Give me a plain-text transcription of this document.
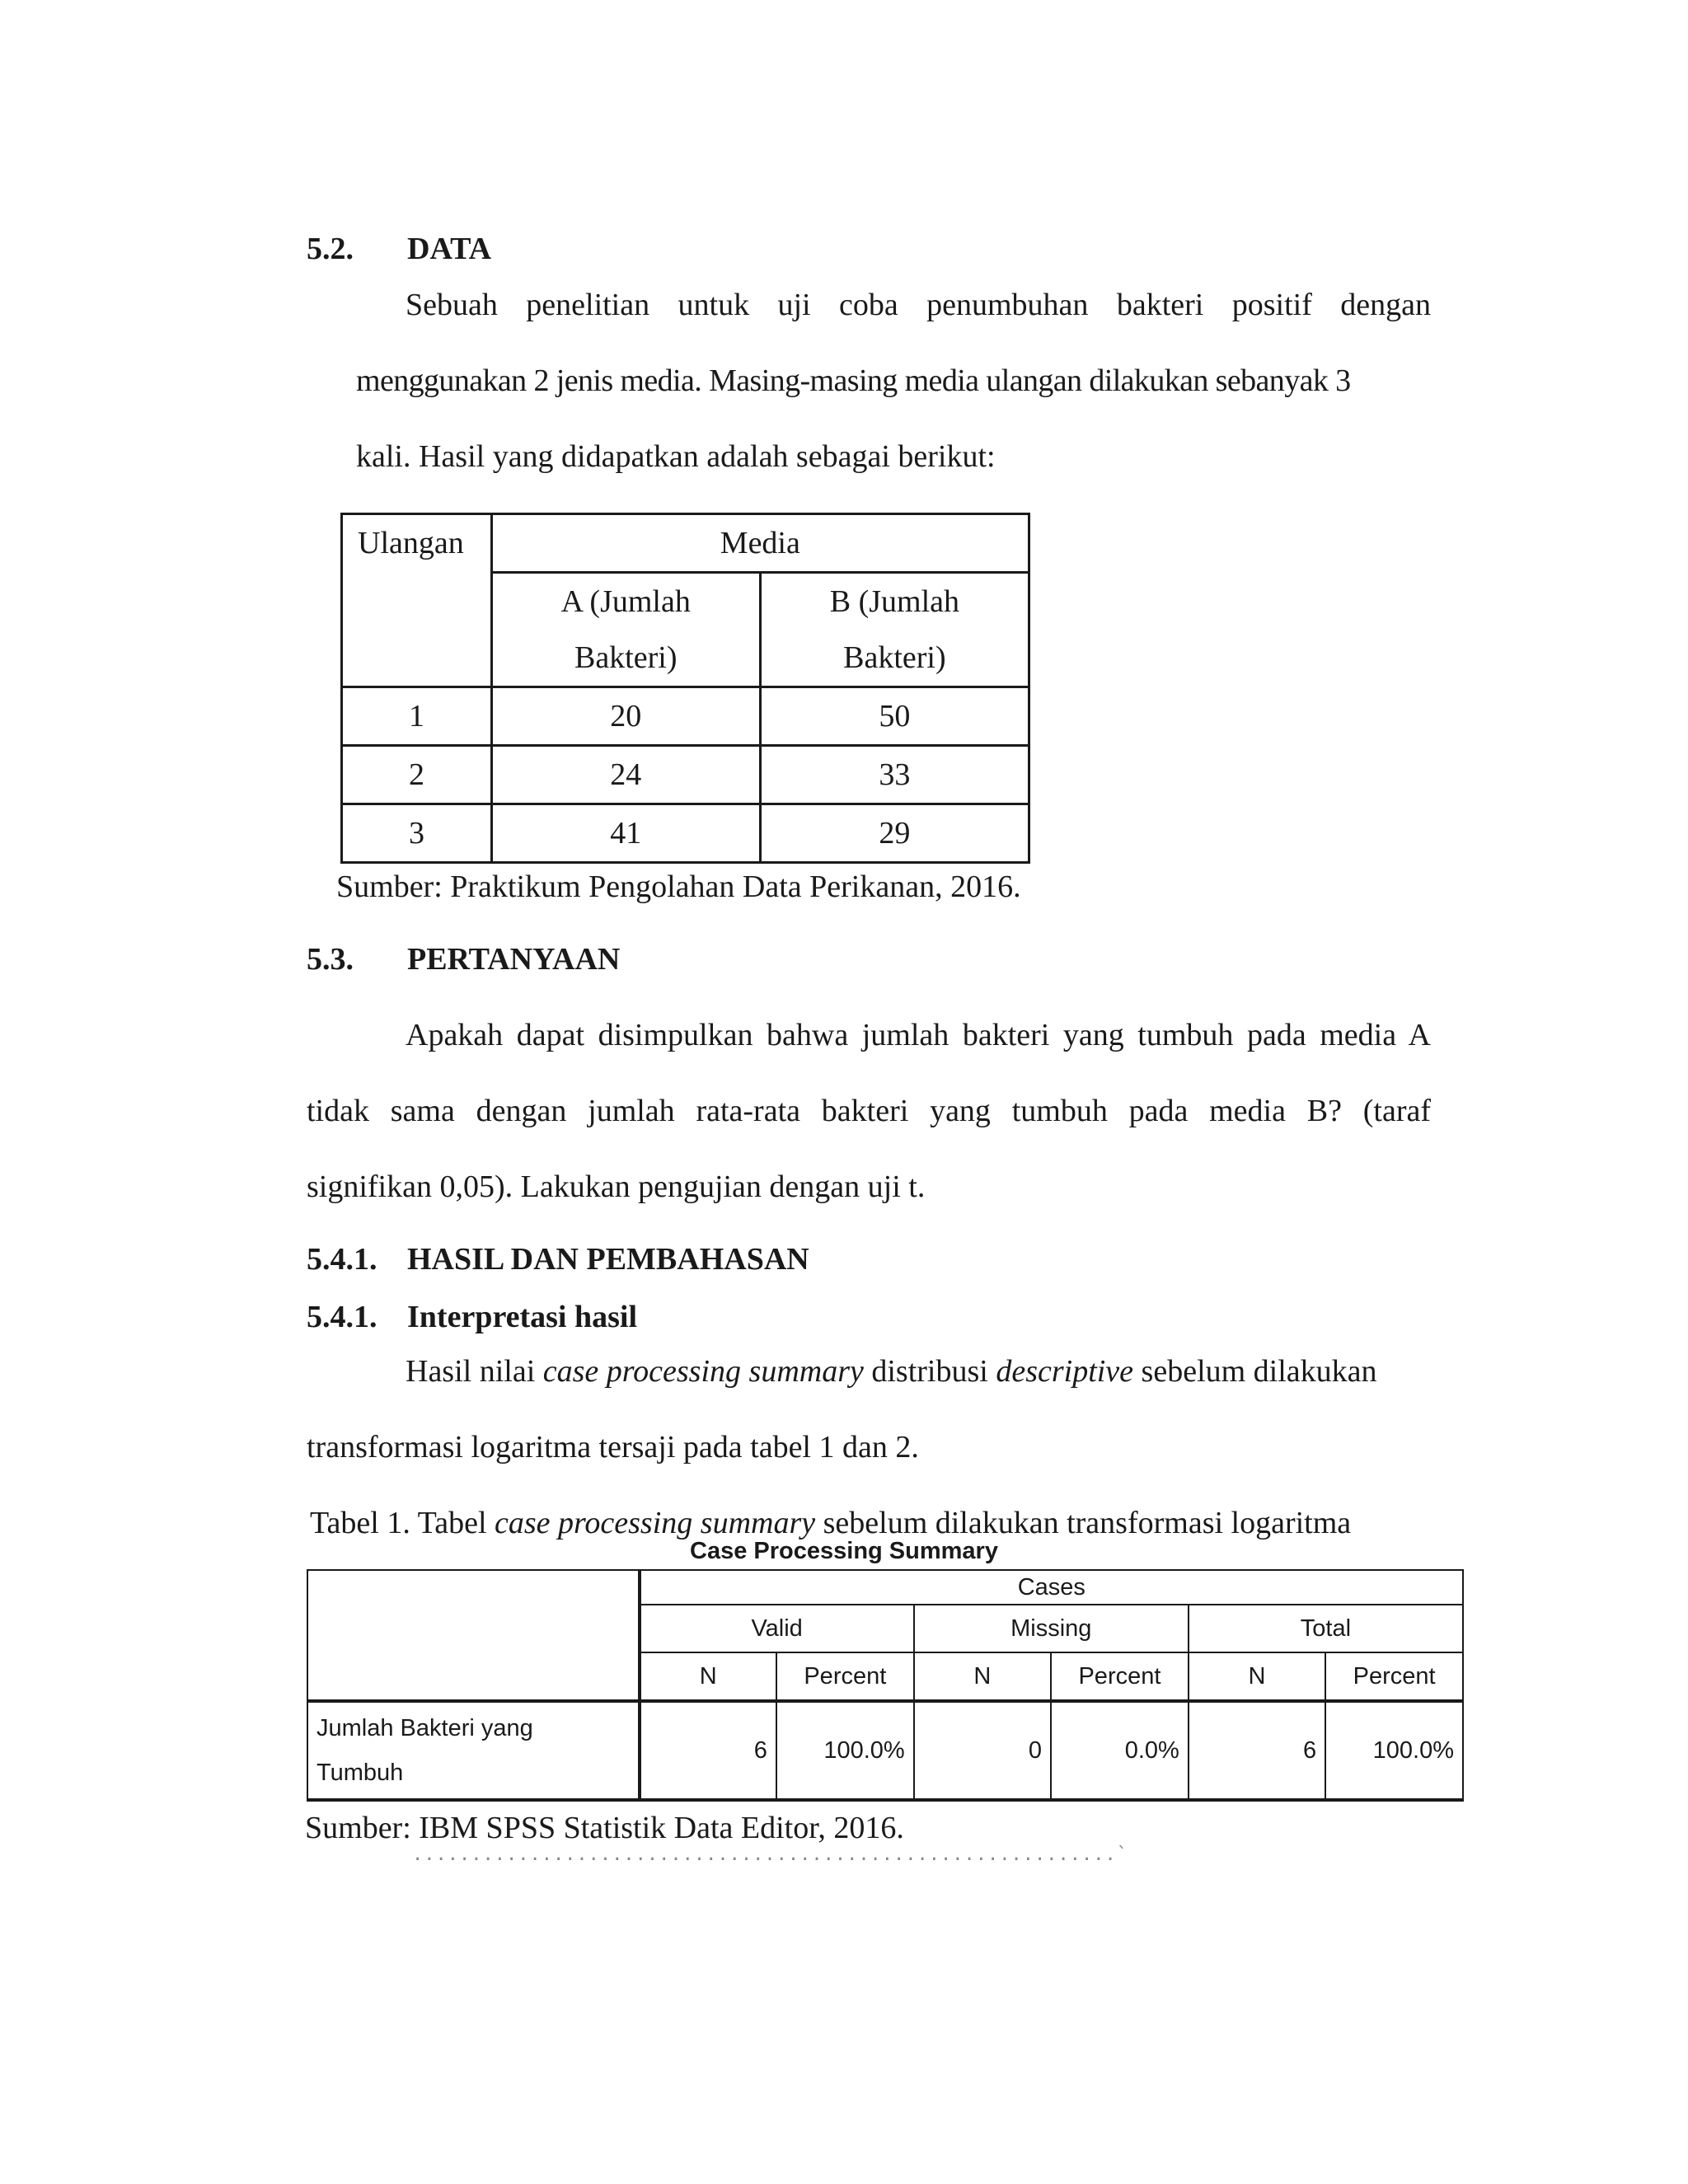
5.2. DATA
Sebuah penelitian untuk uji coba penumbuhan bakteri positif dengan
menggunakan 2 jenis media. Masing-masing media ulangan dilakukan sebanyak 3
kali. Hasil yang didapatkan adalah sebagai berikut:
Ulangan	Media	
	A (Jumlah	B (Jumlah
	Bakteri)	Bakteri)
1	20	50
2	24	33
3	41	29
Sumber: Praktikum Pengolahan Data Perikanan, 2016.
5.3. PERTANYAAN
Apakah dapat disimpulkan bahwa jumlah bakteri yang tumbuh pada media A
tidak sama dengan jumlah rata-rata bakteri yang tumbuh pada media B? (taraf
signifikan 0,05). Lakukan pengujian dengan uji t.
5.4.1. HASIL DAN PEMBAHASAN
5.4.1. Interpretasi hasil
Hasil nilai case processing summary distribusi descriptive sebelum dilakukan
transformasi logaritma tersaji pada tabel 1 dan 2.
Tabel 1. Tabel case processing summary sebelum dilakukan transformasi logaritma
Case Processing Summary
	Cases					
	Valid		Missing		Total	
	N	Percent	N	Percent	N	Percent

Jumlah Bakteri yang
Tumbuh	6	100.0%	0	0.0%	6	100.0%
Sumber: IBM SPSS Statistik Data Editor, 2016.
............................................................`
